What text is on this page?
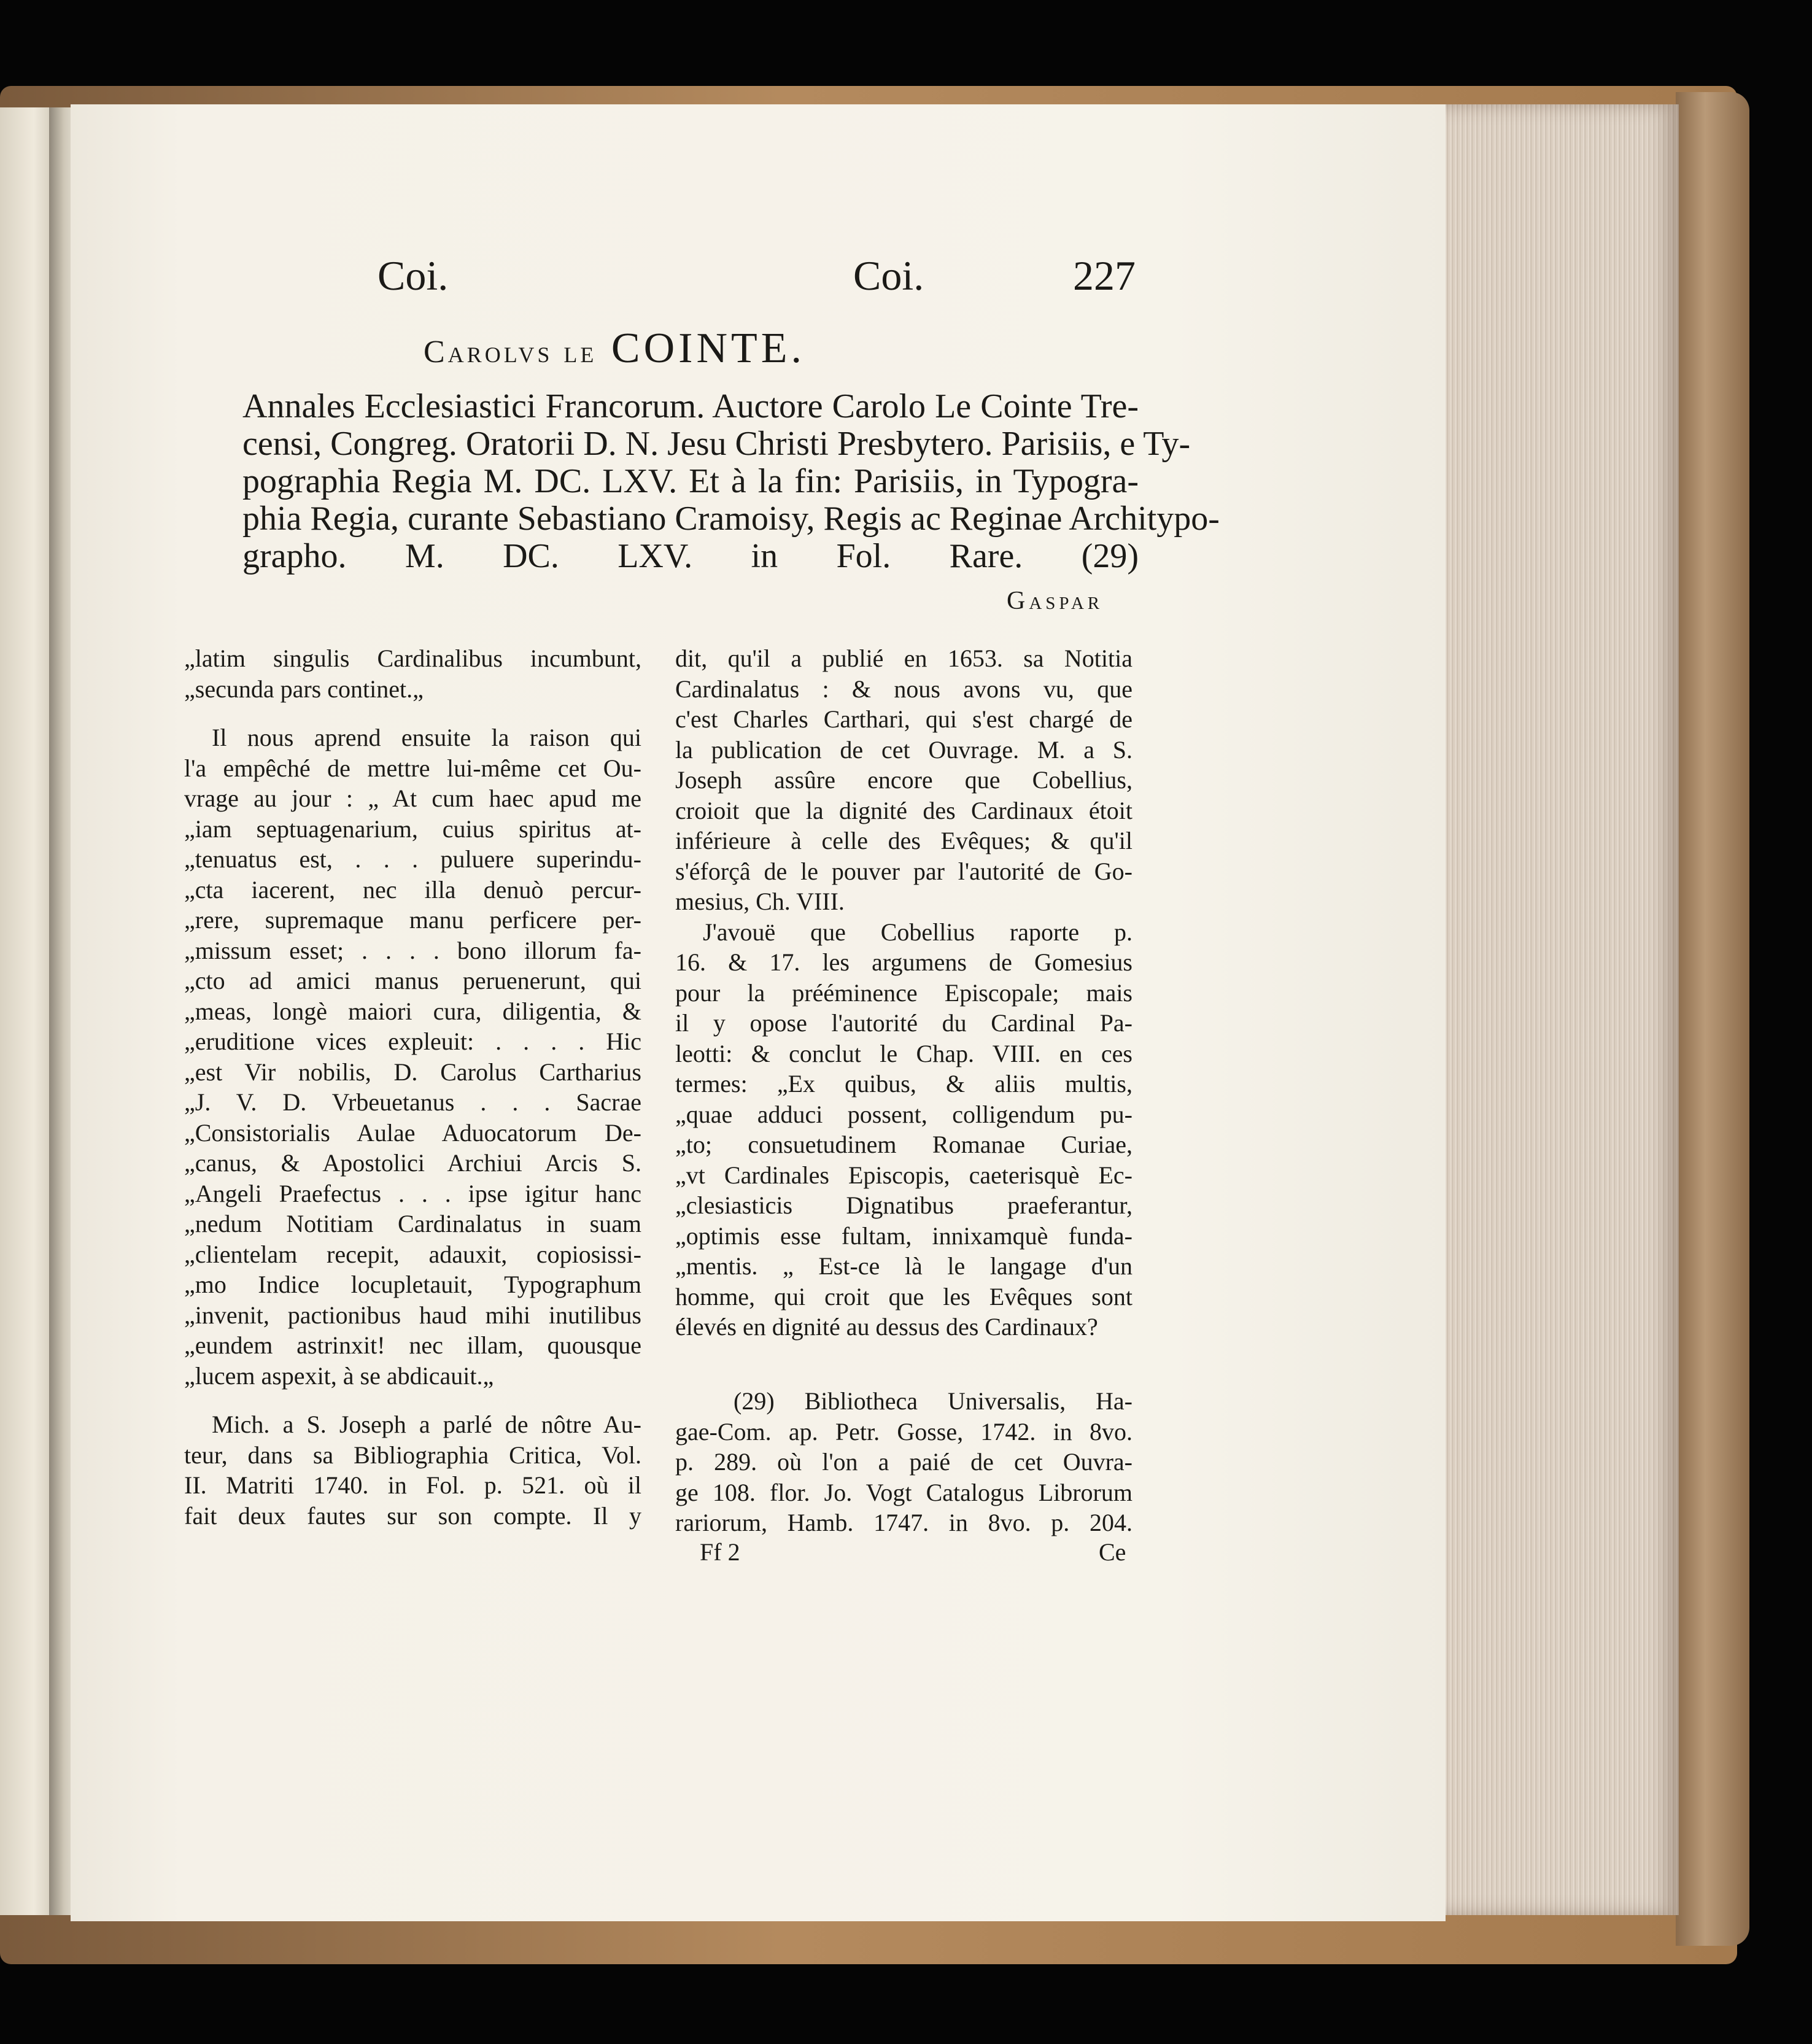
Coi.	Coi.	227
Carolvs le COINTE.
Annales Ecclesiastici Francorum. Auctore Carolo Le Cointe Tre-
censi, Congreg. Oratorii D. N. Jesu Christi Presbytero. Parisiis, e Ty-
pographia Regia M. DC. LXV. Et à la fin: Parisiis, in Typogra-
phia Regia, curante Sebastiano Cramoisy, Regis ac Reginae Architypo-
grapho. M. DC. LXV. in Fol. Rare. (29)
Gaspar
„latim singulis Cardinalibus incumbunt,
„secunda pars continet.„
Il nous aprend ensuite la raison qui
l'a empêché de mettre lui-même cet Ou-
vrage au jour : „ At cum haec apud me
„iam septuagenarium, cuius spiritus at-
„tenuatus est, . . . puluere superindu-
„cta iacerent, nec illa denuò percur-
„rere, supremaque manu perficere per-
„missum esset; . . . . bono illorum fa-
„cto ad amici manus peruenerunt, qui
„meas, longè maiori cura, diligentia, &
„eruditione vices expleuit: . . . . Hic
„est Vir nobilis, D. Carolus Cartharius
„J. V. D. Vrbeuetanus . . . Sacrae
„Consistorialis Aulae Aduocatorum De-
„canus, & Apostolici Archiui Arcis S.
„Angeli Praefectus . . . ipse igitur hanc
„nedum Notitiam Cardinalatus in suam
„clientelam recepit, adauxit, copiosissi-
„mo Indice locupletauit, Typographum
„invenit, pactionibus haud mihi inutilibus
„eundem astrinxit! nec illam, quousque
„lucem aspexit, à se abdicauit.„
Mich. a S. Joseph a parlé de nôtre Au-
teur, dans sa Bibliographia Critica, Vol.
II. Matriti 1740. in Fol. p. 521. où il
fait deux fautes sur son compte. Il y
dit, qu'il a publié en 1653. sa Notitia
Cardinalatus : & nous avons vu, que
c'est Charles Carthari, qui s'est chargé de
la publication de cet Ouvrage. M. a S.
Joseph assûre encore que Cobellius,
croioit que la dignité des Cardinaux étoit
inférieure à celle des Evêques; & qu'il
s'éforçâ de le pouver par l'autorité de Go-
mesius, Ch. VIII.
J'avouë que Cobellius raporte p.
16. & 17. les argumens de Gomesius
pour la prééminence Episcopale; mais
il y opose l'autorité du Cardinal Pa-
leotti: & conclut le Chap. VIII. en ces
termes: „Ex quibus, & aliis multis,
„quae adduci possent, colligendum pu-
„to; consuetudinem Romanae Curiae,
„vt Cardinales Episcopis, caeterisquè Ec-
„clesiasticis Dignatibus praeferantur,
„optimis esse fultam, innixamquè funda-
„mentis. „ Est-ce là le langage d'un
homme, qui croit que les Evêques sont
élevés en dignité au dessus des Cardinaux?
(29) Bibliotheca Universalis, Ha-
gae-Com. ap. Petr. Gosse, 1742. in 8vo.
p. 289. où l'on a paié de cet Ouvra-
ge 108. flor. Jo. Vogt Catalogus Librorum
rariorum, Hamb. 1747. in 8vo. p. 204.
Ff 2	Ce
